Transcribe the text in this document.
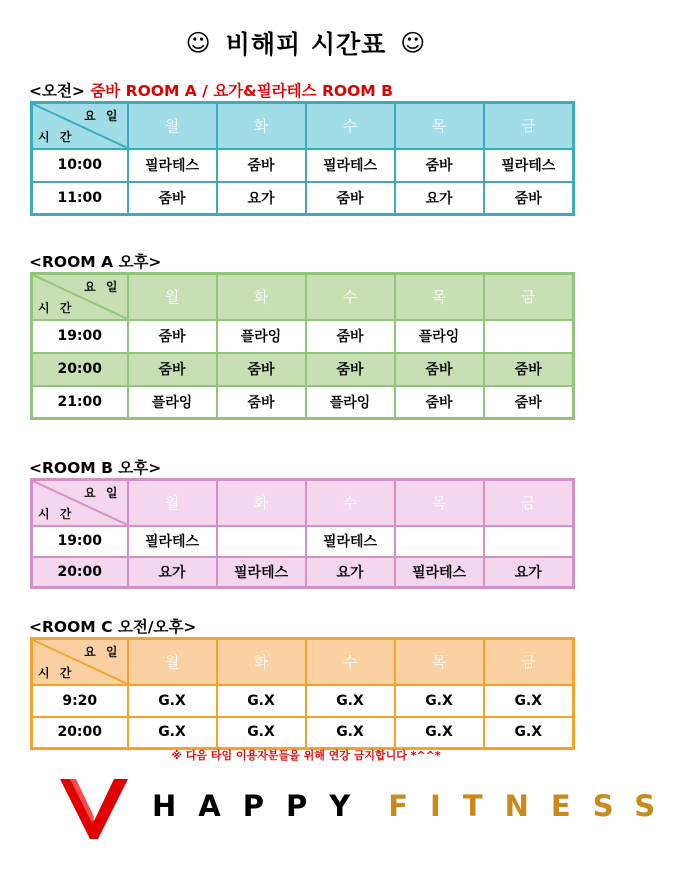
☺ 비해피 시간표 ☺
<오전> 줌바 ROOM A / 요가&필라테스 ROOM B
요 일
시 간	월	화	수	목	금
10:00	필라테스	줌바	필라테스	줌바	필라테스
11:00	줌바	요가	줌바	요가	줌바
<ROOM A 오후>
요 일
시 간	월	화	수	목	금
19:00	줌바	플라잉	줌바	플라잉	
20:00	줌바	줌바	줌바	줌바	줌바
21:00	플라잉	줌바	플라잉	줌바	줌바
<ROOM B 오후>
요 일
시 간	월	화	수	목	금
19:00	필라테스		필라테스		
20:00	요가	필라테스	요가	필라테스	요가
<ROOM C 오전/오후>
요 일
시 간	월	화	수	목	금
9:20	G.X	G.X	G.X	G.X	G.X
20:00	G.X	G.X	G.X	G.X	G.X
※ 다음 타임 이용자분들을 위해 연강 금지합니다 *^^*
HAPPY FITNESS
